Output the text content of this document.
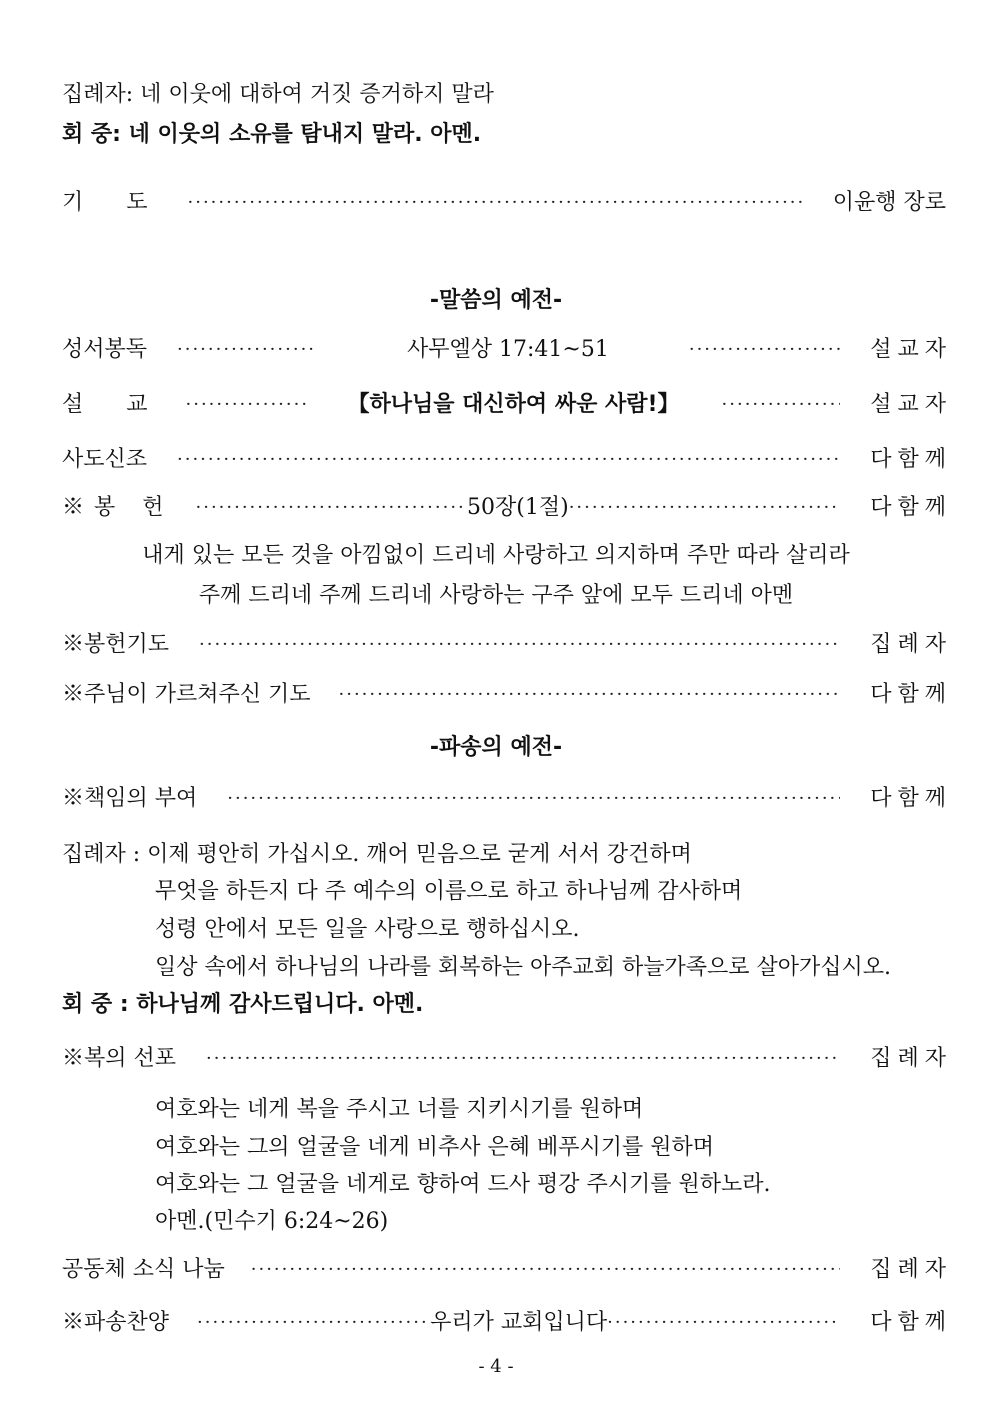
집례자: 네 이웃에 대하여 거짓 증거하지 말라
회 중: 네 이웃의 소유를 탐내지 말라. 아멘.
기 도 ·····	이윤행 장로
-말씀의 예전-
성서봉독 ·····	사무엘상 17:41~51 ·····	설교자
설 교 ·····	【하나님을 대신하여 싸운 사람!】 ·····	설교자
사도신조 ·····	다함께
※봉 헌 ·····	50장(1절) ·····	다함께
내게 있는 모든 것을 아낌없이 드리네 사랑하고 의지하며 주만 따라 살리라
주께 드리네 주께 드리네 사랑하는 구주 앞에 모두 드리네 아멘
※봉헌기도 ·····	집례자
※주님이 가르쳐주신 기도 ·····	다함께
-파송의 예전-
※책임의 부여 ·····	다함께
집례자 : 이제 평안히 가십시오. 깨어 믿음으로 굳게 서서 강건하며
무엇을 하든지 다 주 예수의 이름으로 하고 하나님께 감사하며
성령 안에서 모든 일을 사랑으로 행하십시오.
일상 속에서 하나님의 나라를 회복하는 아주교회 하늘가족으로 살아가십시오.
회 중 : 하나님께 감사드립니다. 아멘.
※복의 선포 ·····	집례자
여호와는 네게 복을 주시고 너를 지키시기를 원하며
여호와는 그의 얼굴을 네게 비추사 은혜 베푸시기를 원하며
여호와는 그 얼굴을 네게로 향하여 드사 평강 주시기를 원하노라.
아멘.(민수기 6:24~26)
공동체 소식 나눔 ·····	집례자
※파송찬양 ·····	우리가 교회입니다 ·····	다함께
- 4 -
